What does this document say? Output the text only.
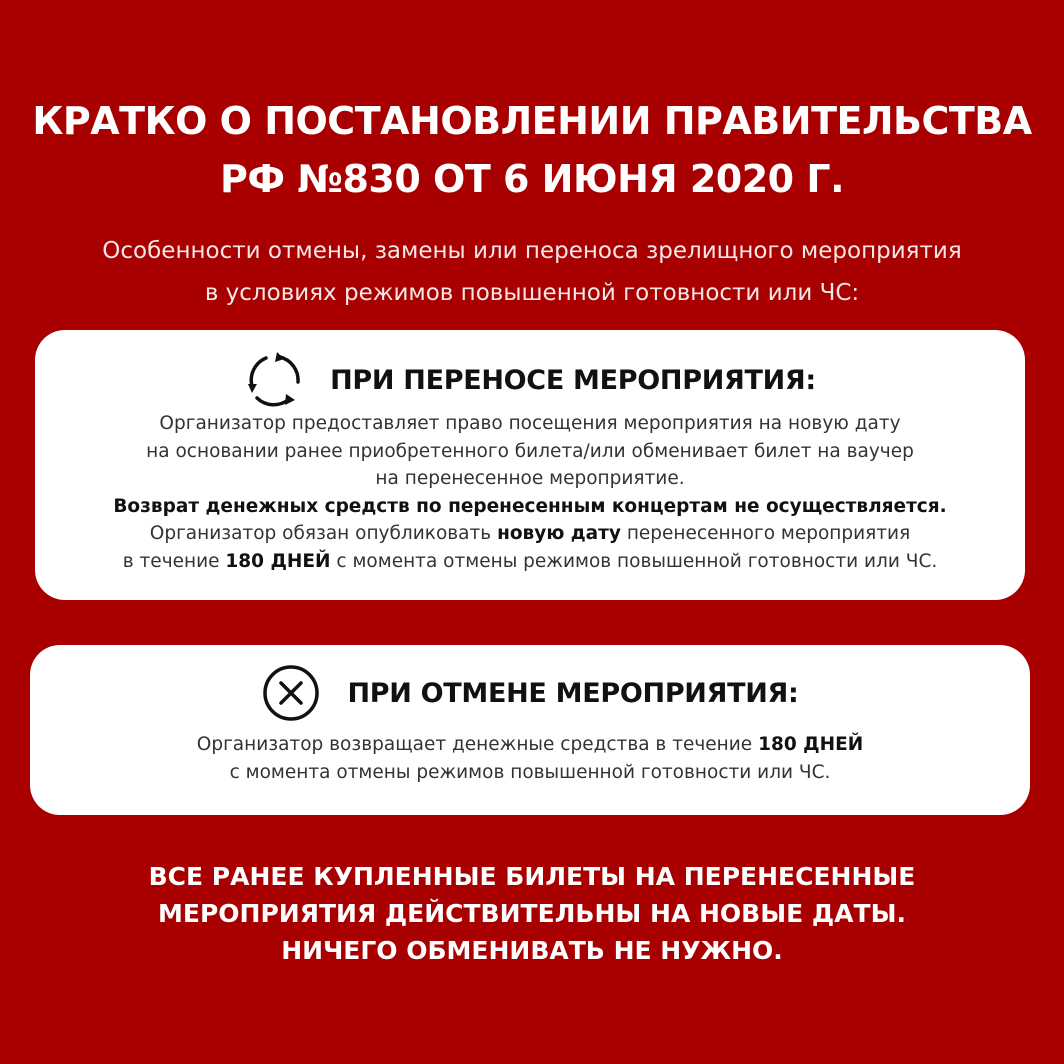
КРАТКО О ПОСТАНОВЛЕНИИ ПРАВИТЕЛЬСТВА
РФ №830 ОТ 6 ИЮНЯ 2020 Г.
Особенности отмены, замены или переноса зрелищного мероприятия
в условиях режимов повышенной готовности или ЧС:
ПРИ ПЕРЕНОСЕ МЕРОПРИЯТИЯ:
Организатор предоставляет право посещения мероприятия на новую дату
на основании ранее приобретенного билета/или обменивает билет на ваучер
на перенесенное мероприятие.
Возврат денежных средств по перенесенным концертам не осуществляется.
Организатор обязан опубликовать новую дату перенесенного мероприятия
в течение 180 ДНЕЙ с момента отмены режимов повышенной готовности или ЧС.
ПРИ ОТМЕНЕ МЕРОПРИЯТИЯ:
Организатор возвращает денежные средства в течение 180 ДНЕЙ
с момента отмены режимов повышенной готовности или ЧС.
ВСЕ РАНЕЕ КУПЛЕННЫЕ БИЛЕТЫ НА ПЕРЕНЕСЕННЫЕ
МЕРОПРИЯТИЯ ДЕЙСТВИТЕЛЬНЫ НА НОВЫЕ ДАТЫ.
НИЧЕГО ОБМЕНИВАТЬ НЕ НУЖНО.
